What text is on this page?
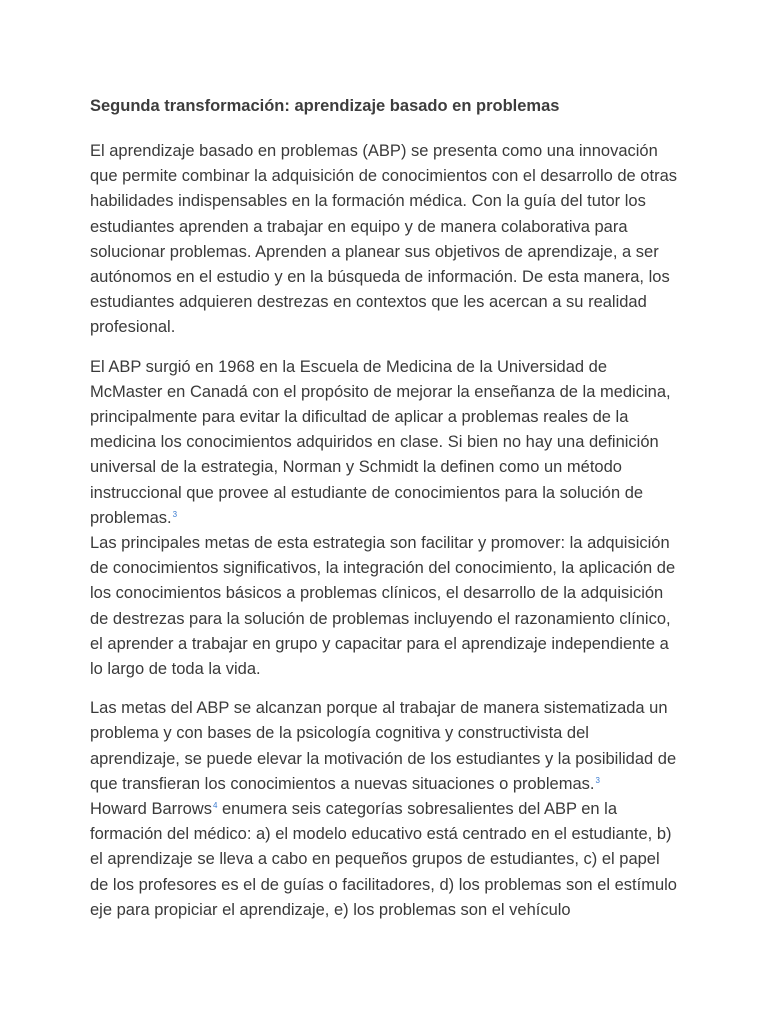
Segunda transformación: aprendizaje basado en problemas

El aprendizaje basado en problemas (ABP) se presenta como una innovación que permite combinar la adquisición de conocimientos con el desarrollo de otras habilidades indispensables en la formación médica. Con la guía del tutor los estudiantes aprenden a trabajar en equipo y de manera colaborativa para solucionar problemas. Aprenden a planear sus objetivos de aprendizaje, a ser autónomos en el estudio y en la búsqueda de información. De esta manera, los estudiantes adquieren destrezas en contextos que les acercan a su realidad profesional.

El ABP surgió en 1968 en la Escuela de Medicina de la Universidad de McMaster en Canadá con el propósito de mejorar la enseñanza de la medicina, principalmente para evitar la dificultad de aplicar a problemas reales de la medicina los conocimientos adquiridos en clase. Si bien no hay una definición universal de la estrategia, Norman y Schmidt la definen como un método instruccional que provee al estudiante de conocimientos para la solución de problemas.$^3$

Las principales metas de esta estrategia son facilitar y promover: la adquisición de conocimientos significativos, la integración del conocimiento, la aplicación de los conocimientos básicos a problemas clínicos, el desarrollo de la adquisición de destrezas para la solución de problemas incluyendo el razonamiento clínico, el aprender a trabajar en grupo y capacitar para el aprendizaje independiente a lo largo de toda la vida.

Las metas del ABP se alcanzan porque al trabajar de manera sistematizada un problema y con bases de la psicología cognitiva y constructivista del aprendizaje, se puede elevar la motivación de los estudiantes y la posibilidad de que transfieran los conocimientos a nuevas situaciones o problemas.$^3$

Howard Barrows$^4$ enumera seis categorías sobresalientes del ABP en la formación del médico: a) el modelo educativo está centrado en el estudiante, b) el aprendizaje se lleva a cabo en pequeños grupos de estudiantes, c) el papel de los profesores es el de guías o facilitadores, d) los problemas son el estímulo eje para propiciar el aprendizaje, e) los problemas son el vehículo
